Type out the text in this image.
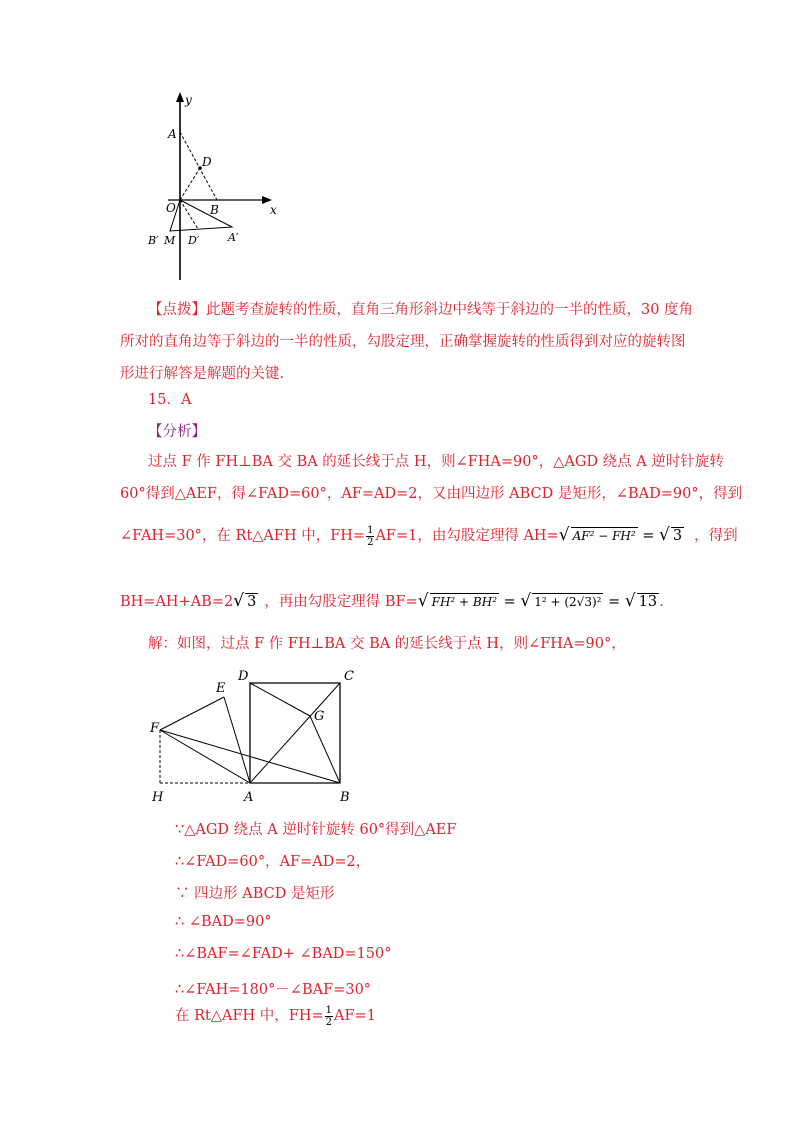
y
A
D
O	B	x
B′ M D′	A′
【点拨】此题考查旋转的性质，直角三角形斜边中线等于斜边的一半的性质，30 度角
所对的直角边等于斜边的一半的性质，勾股定理，正确掌握旋转的性质得到对应的旋转图
形进行解答是解题的关键.
15．A
【分析】
过点 F 作 FH⊥BA 交 BA 的延长线于点 H，则∠FHA=90°，△AGD 绕点 A 逆时针旋转
60°得到△AEF，得∠FAD=60°，AF=AD=2，又由四边形 ABCD 是矩形，∠BAD=90°，得到
∠FAH=30°，在 Rt△AFH 中，$FH= \frac{1}{2} AF=1$，由勾股定理得 AH=√ AF² − FH² = √ 3 ，得到
BH=AH+AB=2√ 3 ，再由勾股定理得 BF=√ FH² + BH² = √ 1² + (2√3)² = √ 13 .
解：如图，过点 F 作 FH⊥BA 交 BA 的延长线于点 H，则∠FHA=90°，
D	C
E
G
F
H	A	B
∵△AGD 绕点 A 逆时针旋转 60°得到△AEF
∴∠FAD=60°，AF=AD=2，
∵ 四边形 ABCD 是矩形
∴ ∠BAD=90°
∴∠BAF=∠FAD+ ∠BAD=150°
∴∠FAH=180°－∠BAF=30°
在 Rt△AFH 中，$FH= \frac{1}{2} AF=1$
